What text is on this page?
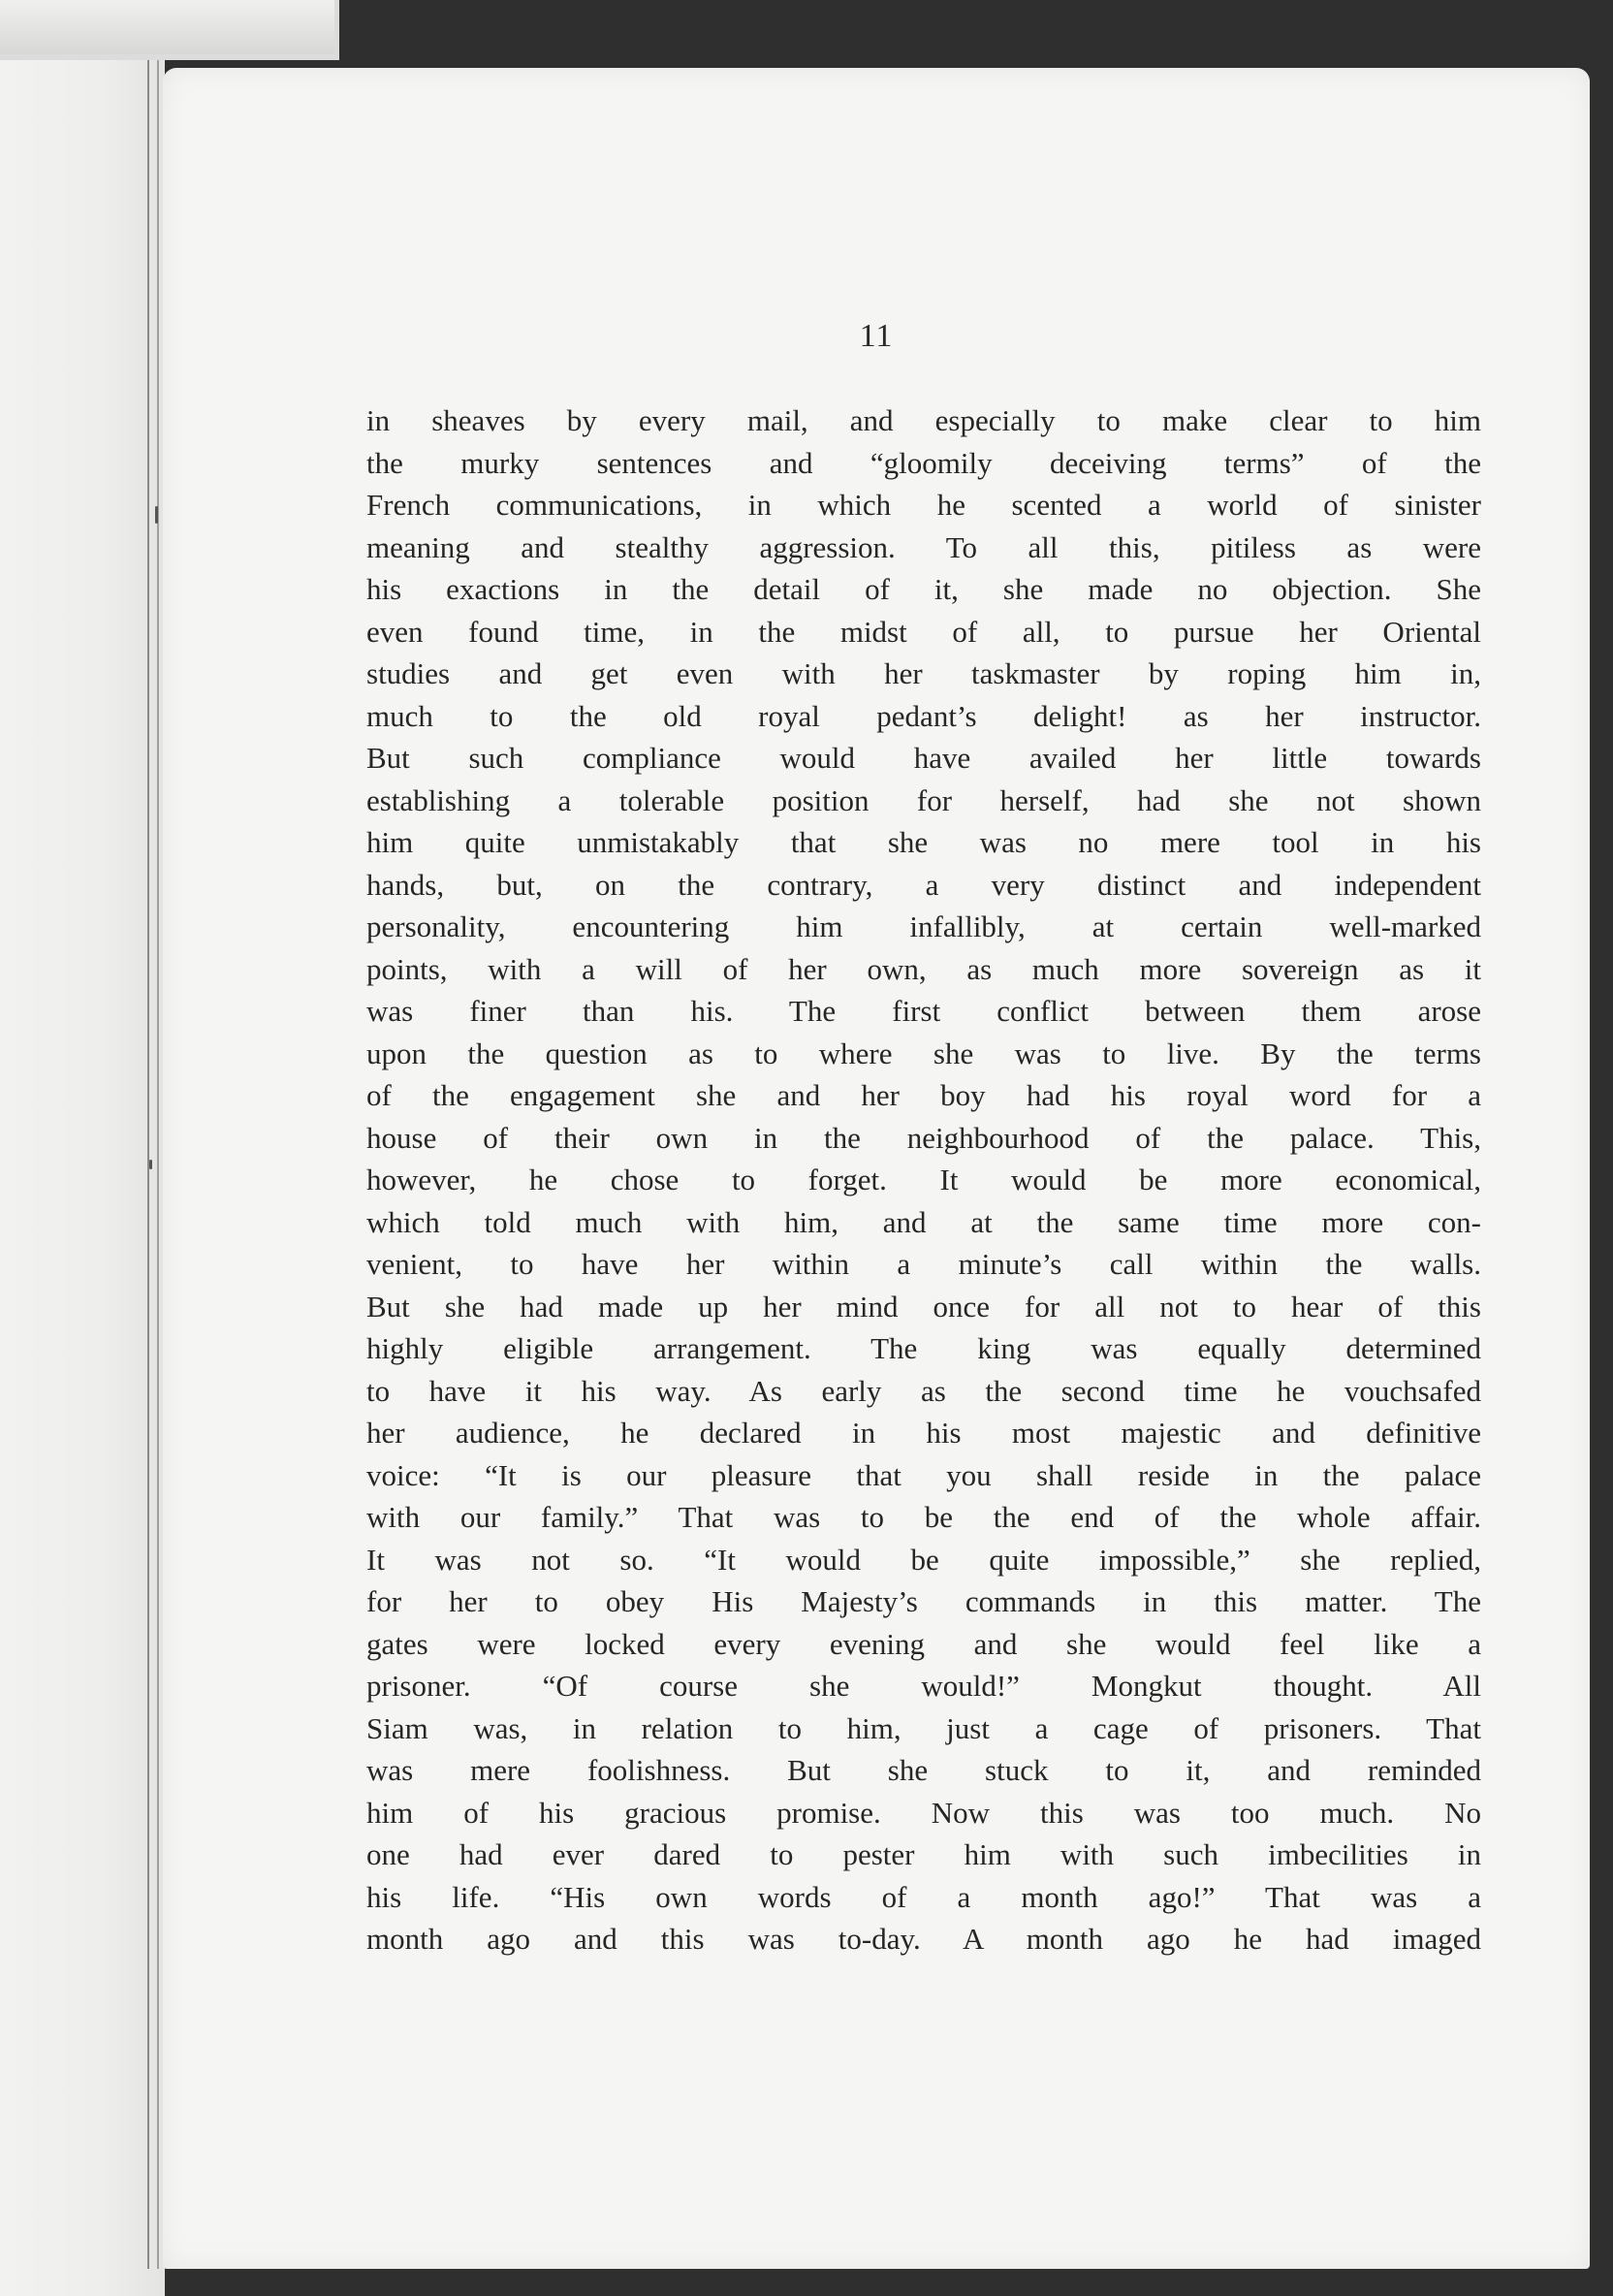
11
in sheaves by every mail, and especially to make clear to him
the murky sentences and “gloomily deceiving terms” of the
French communications, in which he scented a world of sinister
meaning and stealthy aggression. To all this, pitiless as were
his exactions in the detail of it, she made no objection. She
even found time, in the midst of all, to pursue her Oriental
studies and get even with her taskmaster by roping him in,
much to the old royal pedant’s delight! as her instructor.
But such compliance would have availed her little towards
establishing a tolerable position for herself, had she not shown
him quite unmistakably that she was no mere tool in his
hands, but, on the contrary, a very distinct and independent
personality, encountering him infallibly, at certain well-marked
points, with a will of her own, as much more sovereign as it
was finer than his. The first conflict between them arose
upon the question as to where she was to live. By the terms
of the engagement she and her boy had his royal word for a
house of their own in the neighbourhood of the palace. This,
however, he chose to forget. It would be more economical,
which told much with him, and at the same time more con-
venient, to have her within a minute’s call within the walls.
But she had made up her mind once for all not to hear of this
highly eligible arrangement. The king was equally determined
to have it his way. As early as the second time he vouchsafed
her audience, he declared in his most majestic and definitive
voice: “It is our pleasure that you shall reside in the palace
with our family.” That was to be the end of the whole affair.
It was not so. “It would be quite impossible,” she replied,
for her to obey His Majesty’s commands in this matter. The
gates were locked every evening and she would feel like a
prisoner. “Of course she would!” Mongkut thought. All
Siam was, in relation to him, just a cage of prisoners. That
was mere foolishness. But she stuck to it, and reminded
him of his gracious promise. Now this was too much. No
one had ever dared to pester him with such imbecilities in
his life. “His own words of a month ago!” That was a
month ago and this was to-day. A month ago he had imaged
